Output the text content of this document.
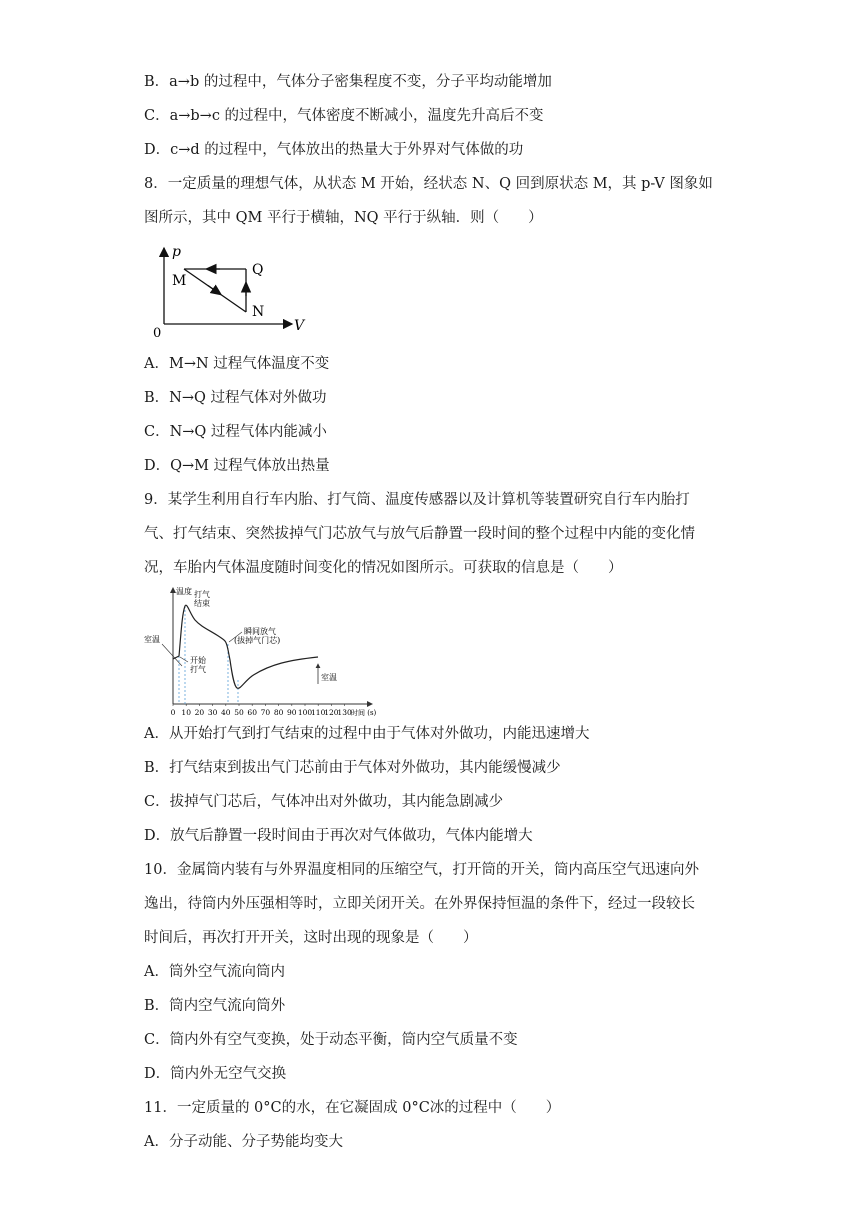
B．a→b 的过程中，气体分子密集程度不变，分子平均动能增加
C．a→b→c 的过程中，气体密度不断减小，温度先升高后不变
D．c→d 的过程中，气体放出的热量大于外界对气体做的功
8．一定质量的理想气体，从状态 M 开始，经状态 N、Q 回到原状态 M，其 p-V 图象如
图所示，其中 QM 平行于横轴，NQ 平行于纵轴．则（　　）
p
V
0
M
Q
N
A．M→N 过程气体温度不变
B．N→Q 过程气体对外做功
C．N→Q 过程气体内能减小
D．Q→M 过程气体放出热量
9．某学生利用自行车内胎、打气筒、温度传感器以及计算机等装置研究自行车内胎打
气、打气结束、突然拔掉气门芯放气与放气后静置一段时间的整个过程中内能的变化情
况，车胎内气体温度随时间变化的情况如图所示。可获取的信息是（　　）
温度
室温
打气
结束
开始
打气
瞬间放气
(拔掉气门芯)
室温
0 10 20 30 40 50 60 70 80 90 100
110
120
130 时间 (s)
A．从开始打气到打气结束的过程中由于气体对外做功，内能迅速增大
B．打气结束到拔出气门芯前由于气体对外做功，其内能缓慢减少
C．拔掉气门芯后，气体冲出对外做功，其内能急剧减少
D．放气后静置一段时间由于再次对气体做功，气体内能增大
10．金属筒内装有与外界温度相同的压缩空气，打开筒的开关，筒内高压空气迅速向外
逸出，待筒内外压强相等时，立即关闭开关。在外界保持恒温的条件下，经过一段较长
时间后，再次打开开关，这时出现的现象是（　　）
A．筒外空气流向筒内
B．筒内空气流向筒外
C．筒内外有空气变换，处于动态平衡，筒内空气质量不变
D．筒内外无空气交换
11．一定质量的 0°C的水，在它凝固成 0°C冰的过程中（　　）
A．分子动能、分子势能均变大
